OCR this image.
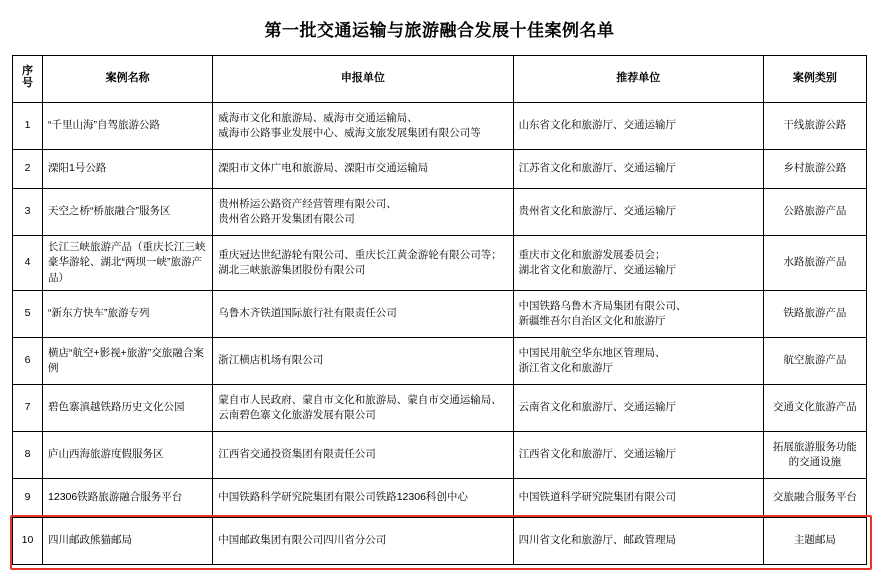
第一批交通运输与旅游融合发展十佳案例名单
序号	案例名称	申报单位	推荐单位	案例类别
1	“千里山海”自驾旅游公路	威海市文化和旅游局、威海市交通运输局、
威海市公路事业发展中心、威海文旅发展集团有限公司等	山东省文化和旅游厅、交通运输厅	干线旅游公路
2	溧阳1号公路	溧阳市文体广电和旅游局、溧阳市交通运输局	江苏省文化和旅游厅、交通运输厅	乡村旅游公路
3	天空之桥“桥旅融合”服务区	贵州桥运公路资产经营管理有限公司、
贵州省公路开发集团有限公司	贵州省文化和旅游厅、交通运输厅	公路旅游产品
4	长江三峡旅游产品（重庆长江三峡豪华游轮、湖北“两坝一峡”旅游产品）	重庆冠达世纪游轮有限公司、重庆长江黄金游轮有限公司等；
湖北三峡旅游集团股份有限公司	重庆市文化和旅游发展委员会；
湖北省文化和旅游厅、交通运输厅	水路旅游产品
5	“新东方快车”旅游专列	乌鲁木齐铁道国际旅行社有限责任公司	中国铁路乌鲁木齐局集团有限公司、
新疆维吾尔自治区文化和旅游厅	铁路旅游产品
6	横店“航空+影视+旅游”交旅融合案例	浙江横店机场有限公司	中国民用航空华东地区管理局、
浙江省文化和旅游厅	航空旅游产品
7	碧色寨滇越铁路历史文化公园	蒙自市人民政府、蒙自市文化和旅游局、蒙自市交通运输局、
云南碧色寨文化旅游发展有限公司	云南省文化和旅游厅、交通运输厅	交通文化旅游产品
8	庐山西海旅游度假服务区	江西省交通投资集团有限责任公司	江西省文化和旅游厅、交通运输厅	拓展旅游服务功能的交通设施
9	12306铁路旅游融合服务平台	中国铁路科学研究院集团有限公司铁路12306科创中心	中国铁道科学研究院集团有限公司	交旅融合服务平台
10	四川邮政熊猫邮局	中国邮政集团有限公司四川省分公司	四川省文化和旅游厅、邮政管理局	主题邮局
